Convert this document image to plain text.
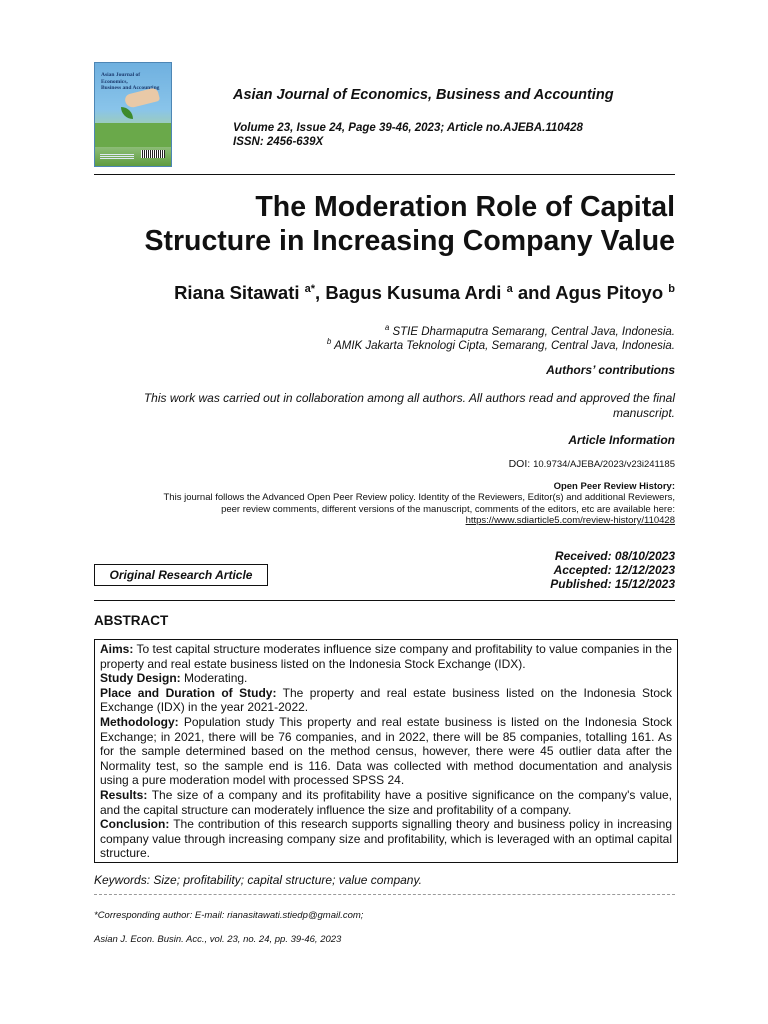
Asian Journal of Economics,
Business and Accounting	Asian Journal of Economics, Business and Accounting
Volume 23, Issue 24, Page 39-46, 2023; Article no.AJEBA.110428
ISSN: 2456-639X
The Moderation Role of Capital
Structure in Increasing Company Value
Riana Sitawati $^{a*}$, Bagus Kusuma Ardi $^a$ and Agus Pitoyo $^b$
$^a$ STIE Dharmaputra Semarang, Central Java, Indonesia.
$^b$ AMIK Jakarta Teknologi Cipta, Semarang, Central Java, Indonesia.
Authors’ contributions
This work was carried out in collaboration among all authors. All authors read and approved the final
manuscript.
Article Information
DOI: 10.9734/AJEBA/2023/v23i241185
Open Peer Review History:
This journal follows the Advanced Open Peer Review policy. Identity of the Reviewers, Editor(s) and additional Reviewers,
peer review comments, different versions of the manuscript, comments of the editors, etc are available here:
https://www.sdiarticle5.com/review-history/110428
Received: 08/10/2023
Accepted: 12/12/2023
Published: 15/12/2023
Original Research Article
ABSTRACT

Aims: To test capital structure moderates influence size company and profitability to value companies in the property and real estate business listed on the Indonesia Stock Exchange (IDX).

Study Design: Moderating.

Place and Duration of Study: The property and real estate business listed on the Indonesia Stock Exchange (IDX) in the year 2021-2022.

Methodology: Population study This property and real estate business is listed on the Indonesia Stock Exchange; in 2021, there will be 76 companies, and in 2022, there will be 85 companies, totalling 161. As for the sample determined based on the method census, however, there were 45 outlier data after the Normality test, so the sample end is 116. Data was collected with method documentation and analysis using a pure moderation model with processed SPSS 24.

Results: The size of a company and its profitability have a positive significance on the company's value, and the capital structure can moderately influence the size and profitability of a company.

Conclusion: The contribution of this research supports signalling theory and business policy in increasing company value through increasing company size and profitability, which is leveraged with an optimal capital structure.

Keywords: Size; profitability; capital structure; value company.
*Corresponding author: E-mail: rianasitawati.stiedp@gmail.com;
Asian J. Econ. Busin. Acc., vol. 23, no. 24, pp. 39-46, 2023
